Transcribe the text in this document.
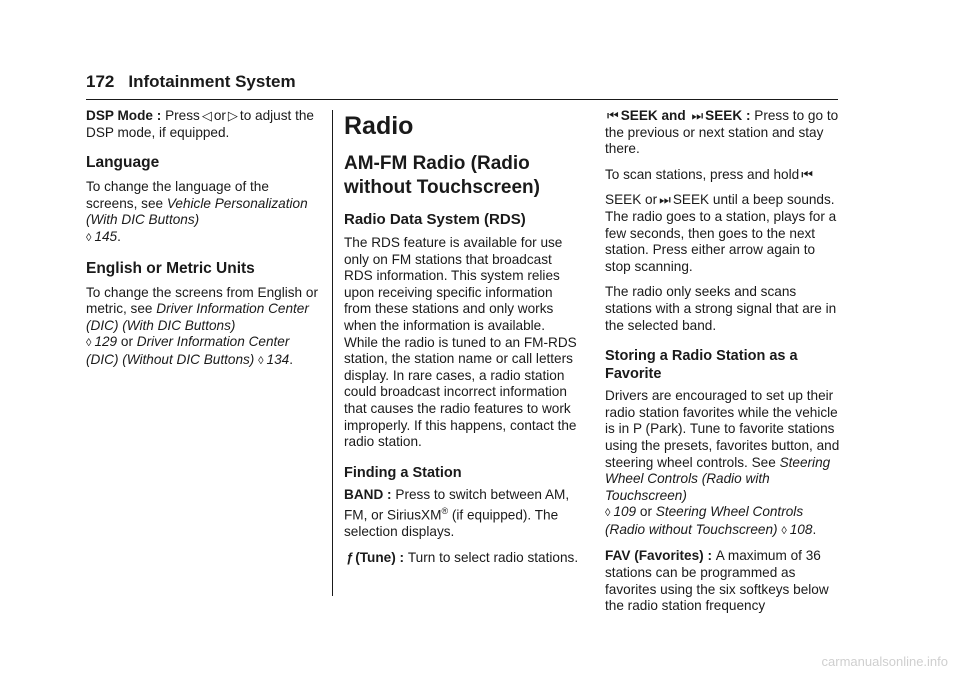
172 Infotainment System

DSP Mode : Press ◁ or ▷ to adjust the DSP mode, if equipped.

Language

To change the language of the screens, see Vehicle Personalization (With DIC Buttons)
◊ 145.

English or Metric Units

To change the screens from English or metric, see Driver Information Center (DIC) (With DIC Buttons)
◊ 129 or Driver Information Center (DIC) (Without DIC Buttons) ◊ 134.

Radio
AM-FM Radio (Radio without Touchscreen)
Radio Data System (RDS)

The RDS feature is available for use only on FM stations that broadcast RDS information. This system relies upon receiving specific information from these stations and only works when the information is available. While the radio is tuned to an FM-RDS station, the station name or call letters display. In rare cases, a radio station could broadcast incorrect information that causes the radio features to work improperly. If this happens, contact the radio station.

Finding a Station

BAND : Press to switch between AM, FM, or SiriusXM® (if equipped). The selection displays.

ƒ (Tune) : Turn to select radio stations.

⏮ SEEK and ⏭ SEEK : Press to go to the previous or next station and stay there.

To scan stations, press and hold ⏮

SEEK or ⏭ SEEK until a beep sounds. The radio goes to a station, plays for a few seconds, then goes to the next station. Press either arrow again to stop scanning.

The radio only seeks and scans stations with a strong signal that are in the selected band.

Storing a Radio Station as a Favorite

Drivers are encouraged to set up their radio station favorites while the vehicle is in P (Park). Tune to favorite stations using the presets, favorites button, and steering wheel controls. See Steering Wheel Controls (Radio with Touchscreen)
◊ 109 or Steering Wheel Controls (Radio without Touchscreen) ◊ 108.

FAV (Favorites) : A maximum of 36 stations can be programmed as favorites using the six softkeys below the radio station frequency

carmanualsonline.info
